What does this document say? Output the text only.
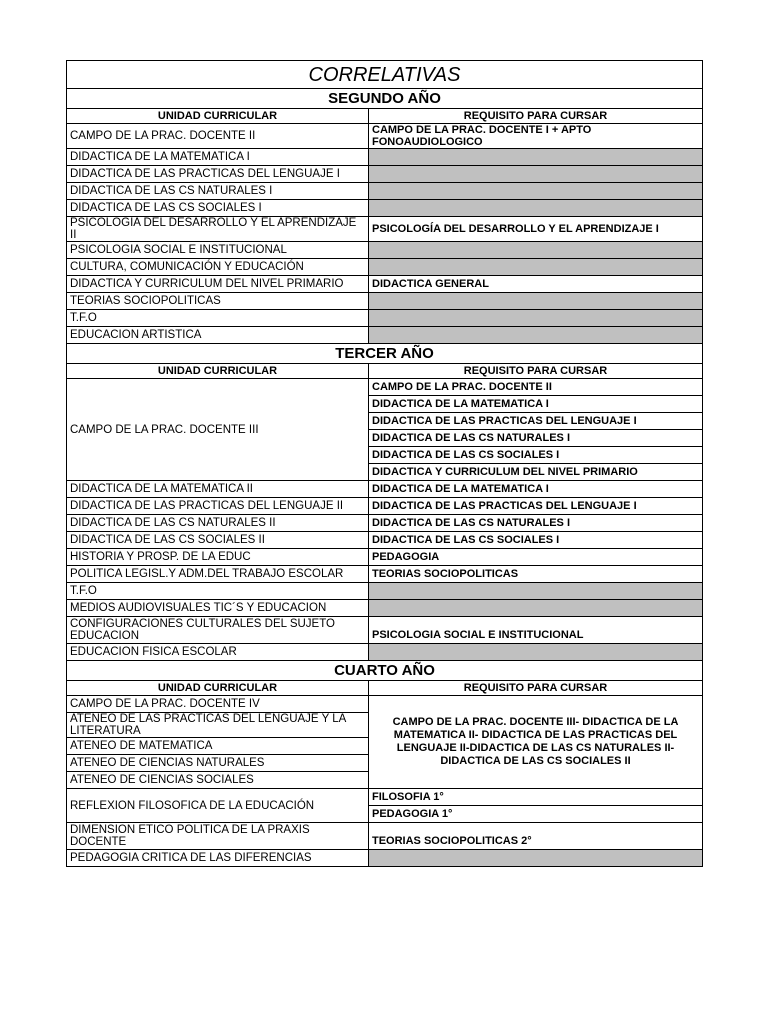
CORRELATIVAS	
SEGUNDO AÑO	
UNIDAD CURRICULAR	REQUISITO PARA CURSAR
CAMPO DE LA PRAC. DOCENTE II	CAMPO DE LA PRAC. DOCENTE I + APTO FONOAUDIOLOGICO
DIDACTICA DE LA MATEMATICA I	
DIDACTICA DE LAS PRACTICAS DEL LENGUAJE I	
DIDACTICA DE LAS CS NATURALES I	
DIDACTICA DE LAS CS SOCIALES I	
PSICOLOGIA DEL DESARROLLO Y EL APRENDIZAJE II	PSICOLOGÍA DEL DESARROLLO Y EL APRENDIZAJE I
PSICOLOGIA SOCIAL E INSTITUCIONAL	
CULTURA, COMUNICACIÓN Y EDUCACIÓN	
DIDACTICA Y CURRICULUM DEL NIVEL PRIMARIO	DIDACTICA GENERAL
TEORIAS SOCIOPOLITICAS	
T.F.O	
EDUCACION ARTISTICA	
TERCER AÑO	
UNIDAD CURRICULAR	REQUISITO PARA CURSAR
CAMPO DE LA PRAC. DOCENTE III	CAMPO DE LA PRAC. DOCENTE II
	DIDACTICA DE LA MATEMATICA I
	DIDACTICA DE LAS PRACTICAS DEL LENGUAJE I
	DIDACTICA DE LAS CS NATURALES I
	DIDACTICA DE LAS CS SOCIALES I
	DIDACTICA Y CURRICULUM DEL NIVEL PRIMARIO
DIDACTICA DE LA MATEMATICA II	DIDACTICA DE LA MATEMATICA I
DIDACTICA DE LAS PRACTICAS DEL LENGUAJE II	DIDACTICA DE LAS PRACTICAS DEL LENGUAJE I
DIDACTICA DE LAS CS NATURALES II	DIDACTICA DE LAS CS NATURALES I
DIDACTICA DE LAS CS SOCIALES II	DIDACTICA DE LAS CS SOCIALES I
HISTORIA Y PROSP. DE LA EDUC	PEDAGOGIA
POLITICA LEGISL.Y ADM.DEL TRABAJO ESCOLAR	TEORIAS SOCIOPOLITICAS
T.F.O	
MEDIOS AUDIOVISUALES TIC´S Y EDUCACION	
CONFIGURACIONES CULTURALES DEL SUJETO EDUCACION	PSICOLOGIA SOCIAL E INSTITUCIONAL
EDUCACION FISICA ESCOLAR	
CUARTO AÑO	
UNIDAD CURRICULAR	REQUISITO PARA CURSAR
CAMPO DE LA PRAC. DOCENTE IV	CAMPO DE LA PRAC. DOCENTE III- DIDACTICA DE LA MATEMATICA II- DIDACTICA DE LAS PRACTICAS DEL LENGUAJE II-DIDACTICA DE LAS CS NATURALES II-DIDACTICA DE LAS CS SOCIALES II
ATENEO DE LAS PRACTICAS DEL LENGUAJE Y LA LITERATURA	
ATENEO DE MATEMATICA	
ATENEO DE CIENCIAS NATURALES	
ATENEO DE CIENCIAS SOCIALES	
REFLEXION FILOSOFICA DE LA EDUCACIÓN	FILOSOFIA 1°
	PEDAGOGIA 1°
DIMENSION ETICO POLITICA DE LA PRAXIS DOCENTE	TEORIAS SOCIOPOLITICAS 2°
PEDAGOGIA CRITICA DE LAS DIFERENCIAS	
